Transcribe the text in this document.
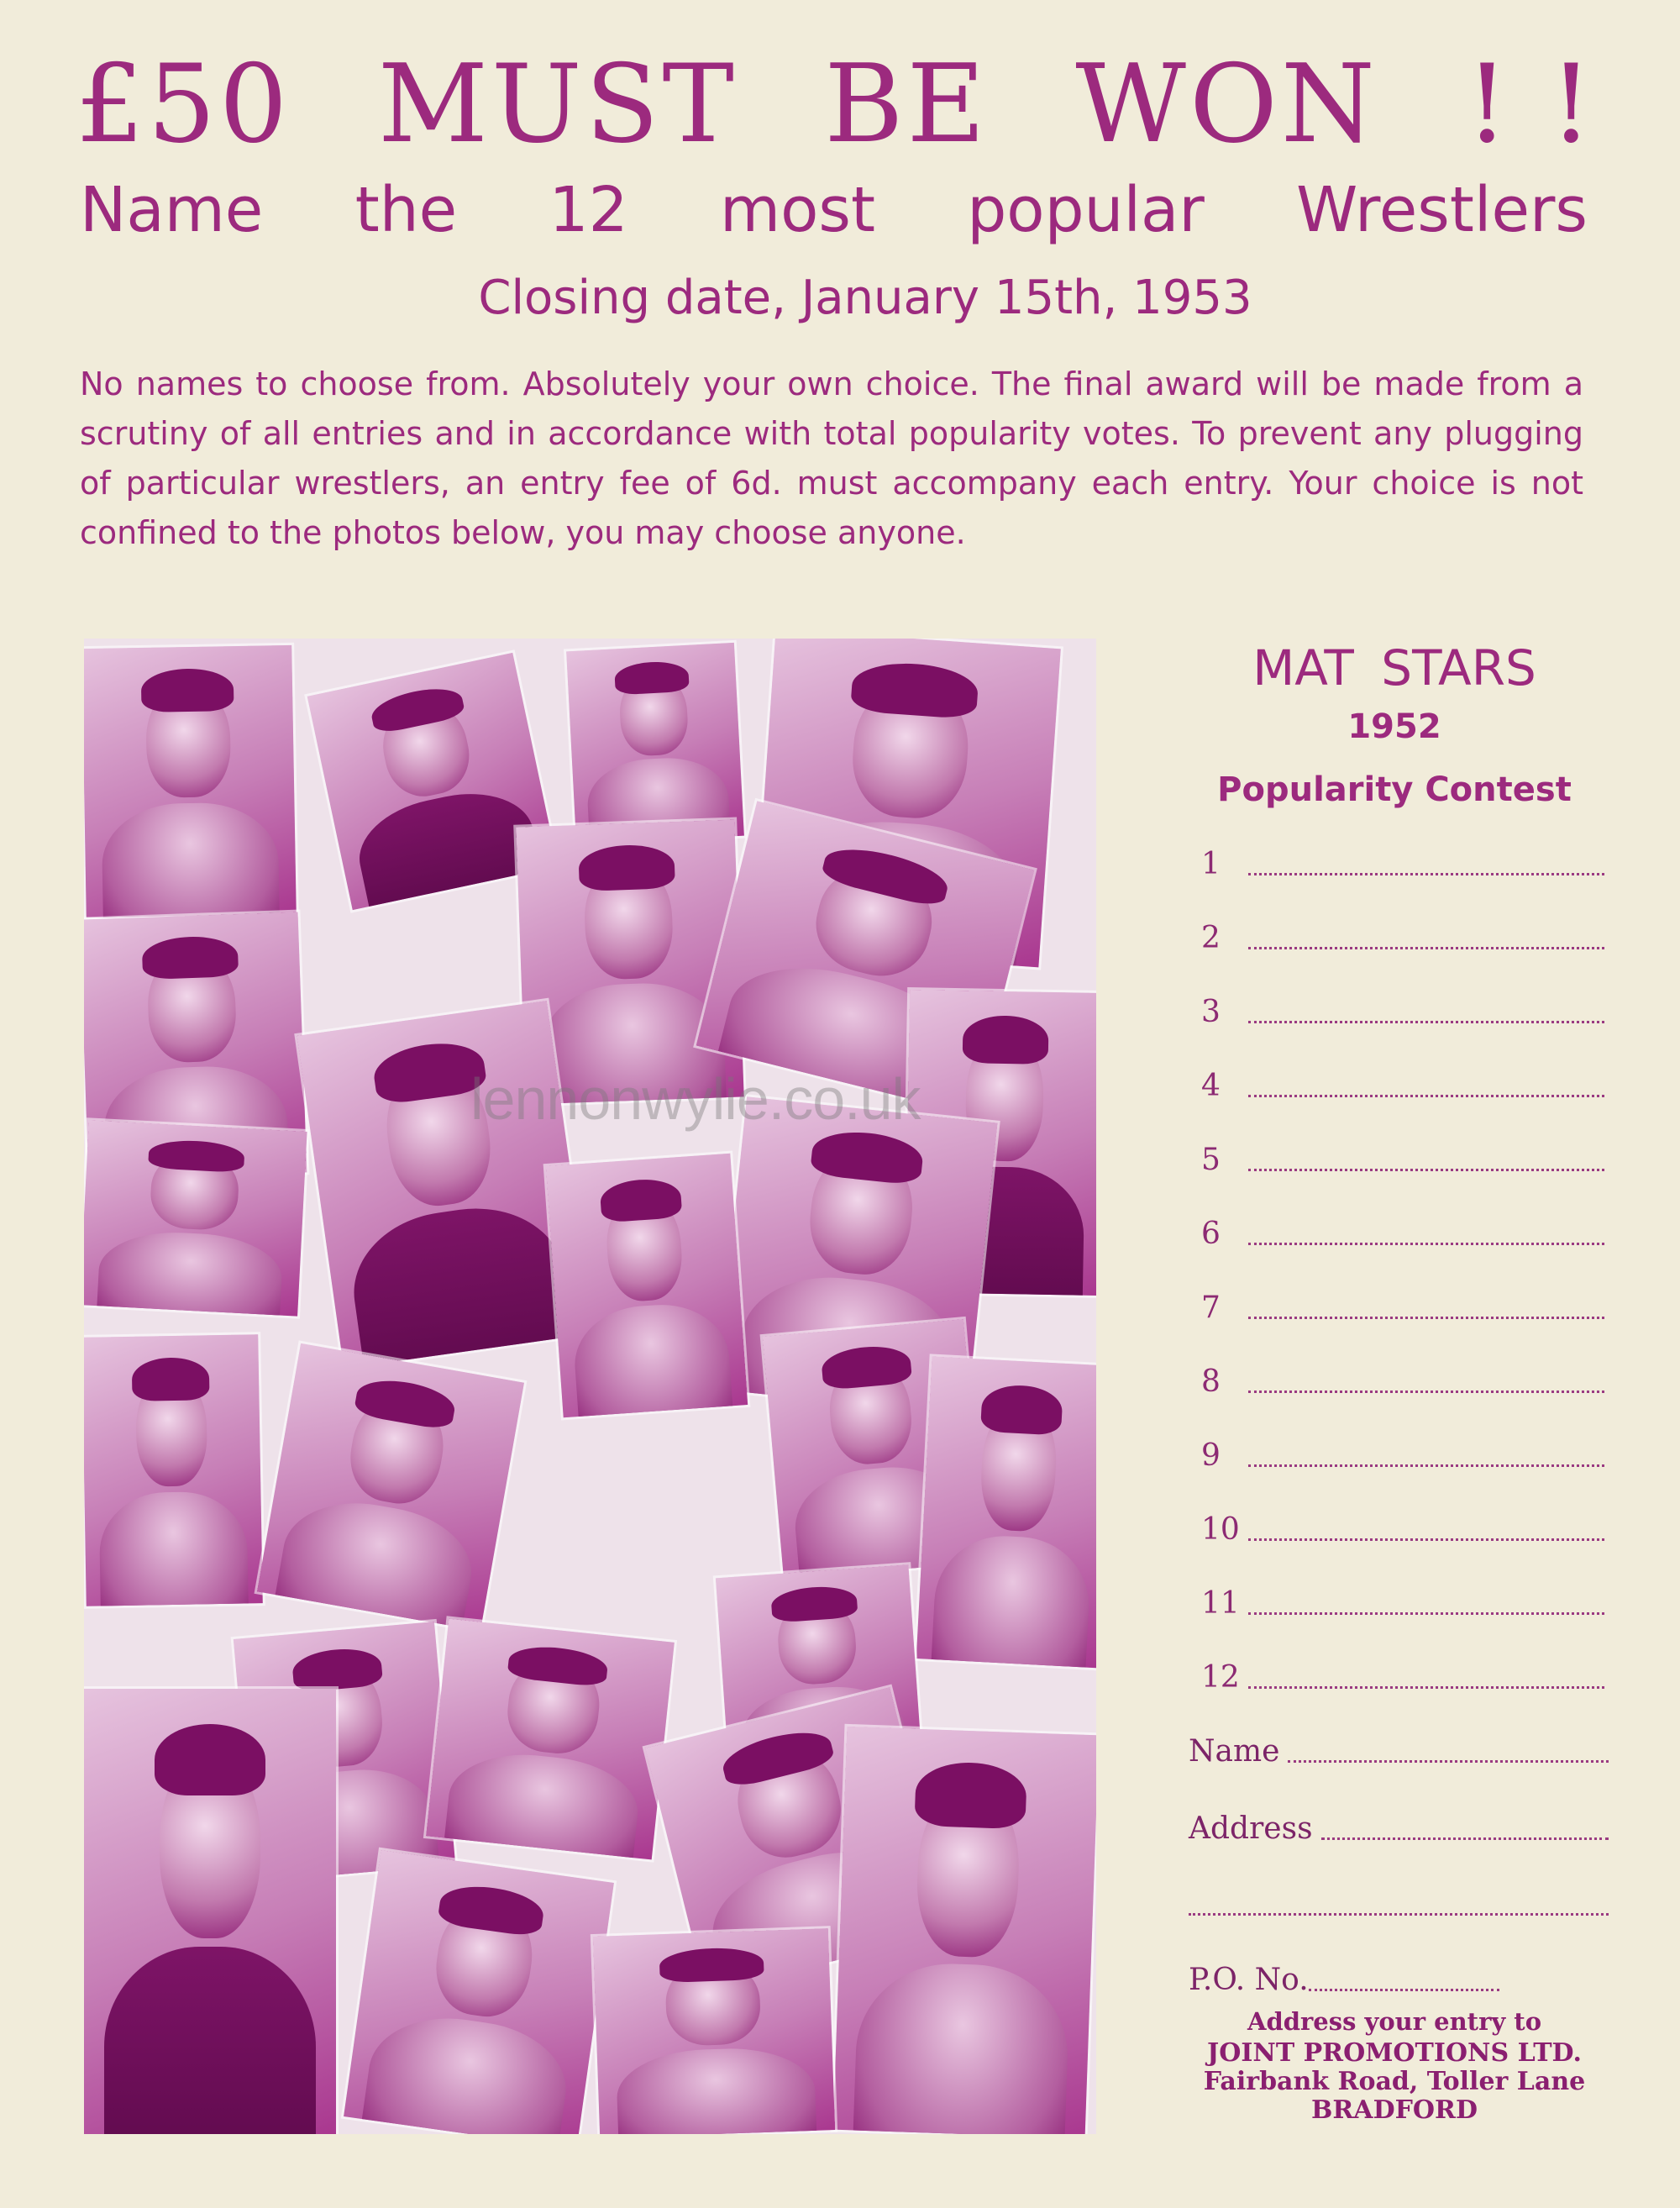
£50 MUST BE WON ! !
Name the 12 most popular Wrestlers
Closing date, January 15th, 1953
No names to choose from. Absolutely your own choice. The final award will be made from a scrutiny of all entries and in accordance with total popularity votes. To prevent any plugging of particular wrestlers, an entry fee of 6d. must accompany each entry. Your choice is not confined to the photos below, you may choose anyone.
lennonwylie.co.uk
MAT STARS
1952
Popularity Contest
1
2
3
4
5
6
7
8
9
10
11
12
Name
Address
P.O. No.
Address your entry to
JOINT PROMOTIONS LTD.
Fairbank Road, Toller Lane
BRADFORD
